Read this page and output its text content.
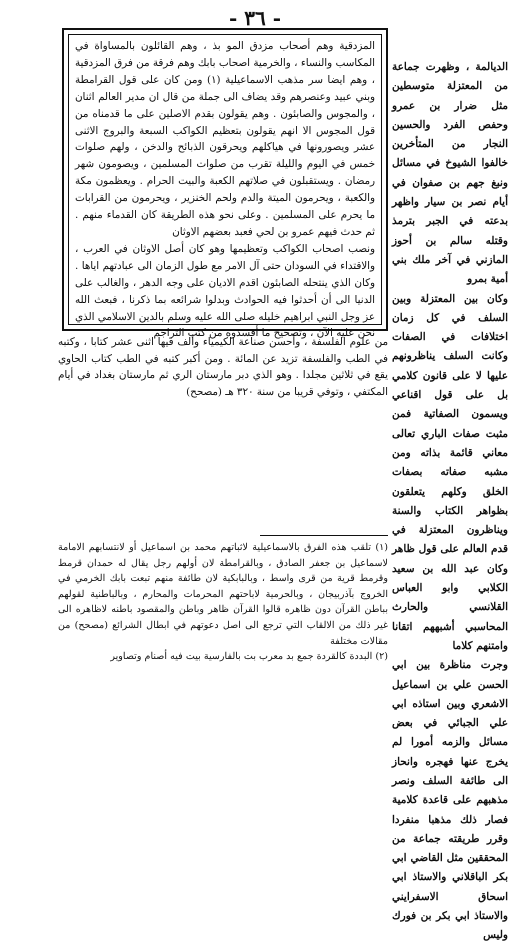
- ٣٦ -

الديالمة ، وظهرت جماعة من المعتزلة متوسطين مثل ضرار بن عمرو وحفص الفرد والحسين النجار من المتأخرين خالفوا الشيوخ في مسائل ونبغ جهم بن صفوان في أيام نصر بن سيار واظهر بدعته في الجبر بترمذ وقتله سالم بن أحوز المازني في آخر ملك بني أمية بمرو

وكان بين المعتزلة وبين السلف في كل زمان اختلافات في الصفات وكانت السلف يناظرونهم عليها لا على قانون كلامي بل على قول اقناعي ويسمون الصفاتية فمن مثبت صفات الباري تعالى معاني قائمة بذاته ومن مشبه صفاته بصفات الخلق وكلهم يتعلقون بظواهر الكتاب والسنة ويناظرون المعتزلة في قدم العالم على قول ظاهر وكان عبد الله بن سعيد الكلابي وابو العباس القلانسي والحارث المحاسبي أشبههم اتقانا وامتنهم كلاما

وجرت مناظرة بين ابي الحسن علي بن اسماعيل الاشعري وبين استاذه ابي علي الجبائي في بعض مسائل والزمه أمورا لم يخرج عنها فهجره وانحاز الى طائفة السلف ونصر مذهبهم على قاعدة كلامية فصار ذلك مذهبا منفردا وقرر طريقته جماعة من المحققين مثل القاضي ابي بكر الباقلاني والاستاذ ابي اسحاق الاسفرايني والاستاذ ابي بكر بن فورك وليس

المزدقية وهم أصحاب مزدق المو بذ ، وهم القائلون بالمساواة في المكاسب والنساء ، والخرمية اصحاب بابك وهم فرقة من فرق المزدقية ، وهم ايضا سر مذهب الاسماعيلية (١) ومن كان على قول القرامطة وبني عبيد وعنصرهم وقد يضاف الى جملة من قال ان مدير العالم اثنان ، والمجوس والصابئون . وهم يقولون بقدم الاصلين على ما قدمناه من قول المجوس الا انهم يقولون بتعظيم الكواكب السبعة والبروج الاثنى عشر ويصورونها في هياكلهم ويحرقون الذبائح والدخن ، ولهم صلوات خمس في اليوم والليلة تقرب من صلوات المسلمين ، ويصومون شهر رمضان . ويستقبلون في صلاتهم الكعبة والبيت الحرام . ويعظمون مكة والكعبة ، ويحرمون الميتة والدم ولحم الخنزير ، ويحرمون من القرابات ما يحرم على المسلمين . وعلى نحو هذه الطريقة كان القدماء منهم . ثم حدث فيهم عمرو بن لحي فعبد بعضهم الاوثان

ونصب اصحاب الكواكب وتعظيمها وهو كان أصل الاوثان في العرب ، والاقتداء في السودان حتى آل الامر مع طول الزمان الى عبادتهم اياها . وكان الذي ينتحله الصابئون اقدم الاديان على وجه الدهر ، والغالب على الدنيا الى أن أحدثوا فيه الحوادث وبدلوا شرائعه بما ذكرنا ، فبعث الله عز وجل النبي ابراهيم خليله صلى الله عليه وسلم بالدين الاسلامي الذي نحن عليه الآن ، وتصحيح ما أفسدوه من كتب التراجم

من علوم الفلسفة ، وأحسن صناعة الكيمياء وألف فيها اثنى عشر كتابا ، وكتبه في الطب والفلسفة تزيد عن المائة . ومن أكبر كتبه في الطب كتاب الحاوي يقع في ثلاثين مجلدا . وهو الذي دبر مارستان الري ثم مارستان بغداد في أيام المكتفي ، وتوفي قريبا من سنة ٣٢٠ هـ (مصحح)

(١) تلقب هذه الفرق بالاسماعيلية لاثباتهم محمد بن اسماعيل أو لانتسابهم الامامة لاسماعيل بن جعفر الصادق ، وبالقرامطة لان أولهم رجل يقال له حمدان قرمط وقرمط قرية من قرى واسط ، وبالبابكية لان طائفة منهم تبعت بابك الخرمي في الخروج بآذربيجان ، وبالحرمية لاباحتهم المحرمات والمحارم ، وبالباطنية لقولهم بباطن القرآن دون ظاهره قالوا القرآن ظاهر وباطن والمقصود باطنه لاظاهره الى غير ذلك من الالقاب التي ترجع الى اصل دعوتهم في ابطال الشرائع (مصحح) من مقالات مختلفة

(٢) البددة كالقردة جمع بد معرب بت بالفارسية بيت فيه أصنام وتصاوير
